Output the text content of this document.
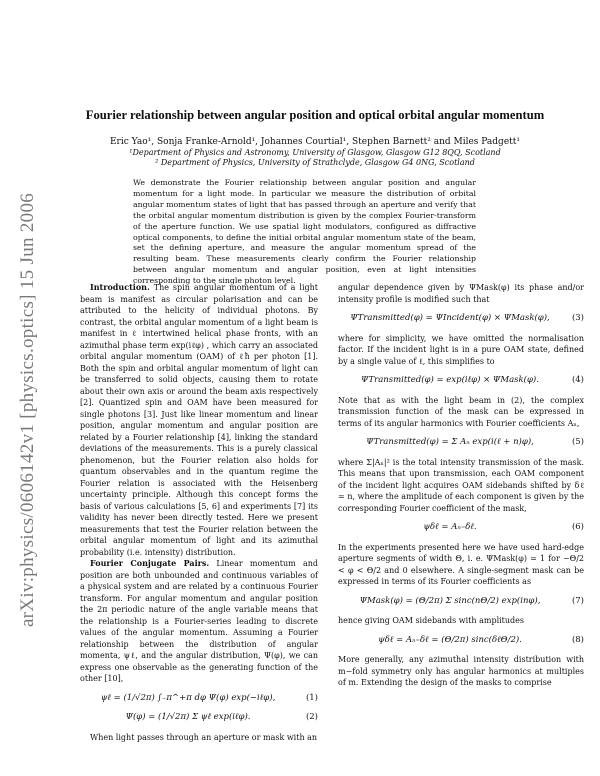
arXiv:physics/0606142v1 [physics.optics] 15 Jun 2006
Fourier relationship between angular position and optical orbital angular momentum
Eric Yao¹, Sonja Franke-Arnold¹, Johannes Courtial¹, Stephen Barnett² and Miles Padgett¹
¹Department of Physics and Astronomy, University of Glasgow, Glasgow G12 8QQ, Scotland
² Department of Physics, University of Strathclyde, Glasgow G4 0NG, Scotland
We demonstrate the Fourier relationship between angular position and angular momentum for a light mode. In particular we measure the distribution of orbital angular momentum states of light that has passed through an aperture and verify that the orbital angular momentum distribution is given by the complex Fourier-transform of the aperture function. We use spatial light modulators, configured as diffractive optical components, to define the initial orbital angular momentum state of the beam, set the defining aperture, and measure the angular momentum spread of the resulting beam. These measurements clearly confirm the Fourier relationship between angular momentum and angular position, even at light intensities corresponding to the single photon level.

Introduction. The spin angular momentum of a light beam is manifest as circular polarisation and can be attributed to the helicity of individual photons. By contrast, the orbital angular momentum of a light beam is manifest in ℓ intertwined helical phase fronts, with an azimuthal phase term exp(iℓφ) , which carry an associated orbital angular momentum (OAM) of ℓħ per photon [1]. Both the spin and orbital angular momentum of light can be transferred to solid objects, causing them to rotate about their own axis or around the beam axis respectively [2]. Quantized spin and OAM have been measured for single photons [3]. Just like linear momentum and linear position, angular momentum and angular position are related by a Fourier relationship [4], linking the standard deviations of the measurements. This is a purely classical phenomenon, but the Fourier relation also holds for quantum observables and in the quantum regime the Fourier relation is associated with the Heisenberg uncertainty principle. Although this concept forms the basis of various calculations [5, 6] and experiments [7] its validity has never been directly tested. Here we present measurements that test the Fourier relation between the orbital angular momentum of light and its azimuthal probability (i.e. intensity) distribution.

Fourier Conjugate Pairs. Linear momentum and position are both unbounded and continuous variables of a physical system and are related by a continuous Fourier transform. For angular momentum and angular position the 2π periodic nature of the angle variable means that the relationship is a Fourier-series leading to discrete values of the angular momentum. Assuming a Fourier relationship between the distribution of angular momenta, ψℓ, and the angular distribution, Ψ(φ), we can express one observable as the generating function of the other [10],

ψℓ = (1/√2π) ∫₋π^+π dφ Ψ(φ) exp(−iℓφ),	(1)
Ψ(φ) = (1/√2π) Σ ψℓ exp(iℓφ).	(2)

When light passes through an aperture or mask with an

angular dependence given by ΨMask(φ) its phase and/or intensity profile is modified such that

ΨTransmitted(φ) = ΨIncident(φ) × ΨMask(φ),	(3)

where for simplicity, we have omitted the normalisation factor. If the incident light is in a pure OAM state, defined by a single value of ℓ, this simplifies to

ΨTransmitted(φ) = exp(iℓφ) × ΨMask(φ).	(4)

Note that as with the light beam in (2), the complex transmission function of the mask can be expressed in terms of its angular harmonics with Fourier coefficients Aₙ,

ΨTransmitted(φ) = Σ Aₙ exp(i(ℓ + n)φ),	(5)

where Σ|Aₙ|² is the total intensity transmission of the mask. This means that upon transmission, each OAM component of the incident light acquires OAM sidebands shifted by δℓ = n, where the amplitude of each component is given by the corresponding Fourier coefficient of the mask,

ψδℓ = Aₙ₌δℓ.	(6)

In the experiments presented here we have used hard-edge aperture segments of width Θ, i. e. ΨMask(φ) = 1 for −Θ/2 < φ < Θ/2 and 0 elsewhere. A single-segment mask can be expressed in terms of its Fourier coefficients as

ΨMask(φ) = (Θ/2π) Σ sinc(nΘ/2) exp(inφ),	(7)

hence giving OAM sidebands with amplitudes

ψδℓ = Aₙ₌δℓ = (Θ/2π) sinc(δℓΘ/2).	(8)

More generally, any azimuthal intensity distribution with m−fold symmetry only has angular harmonics at multiples of m. Extending the design of the masks to comprise
